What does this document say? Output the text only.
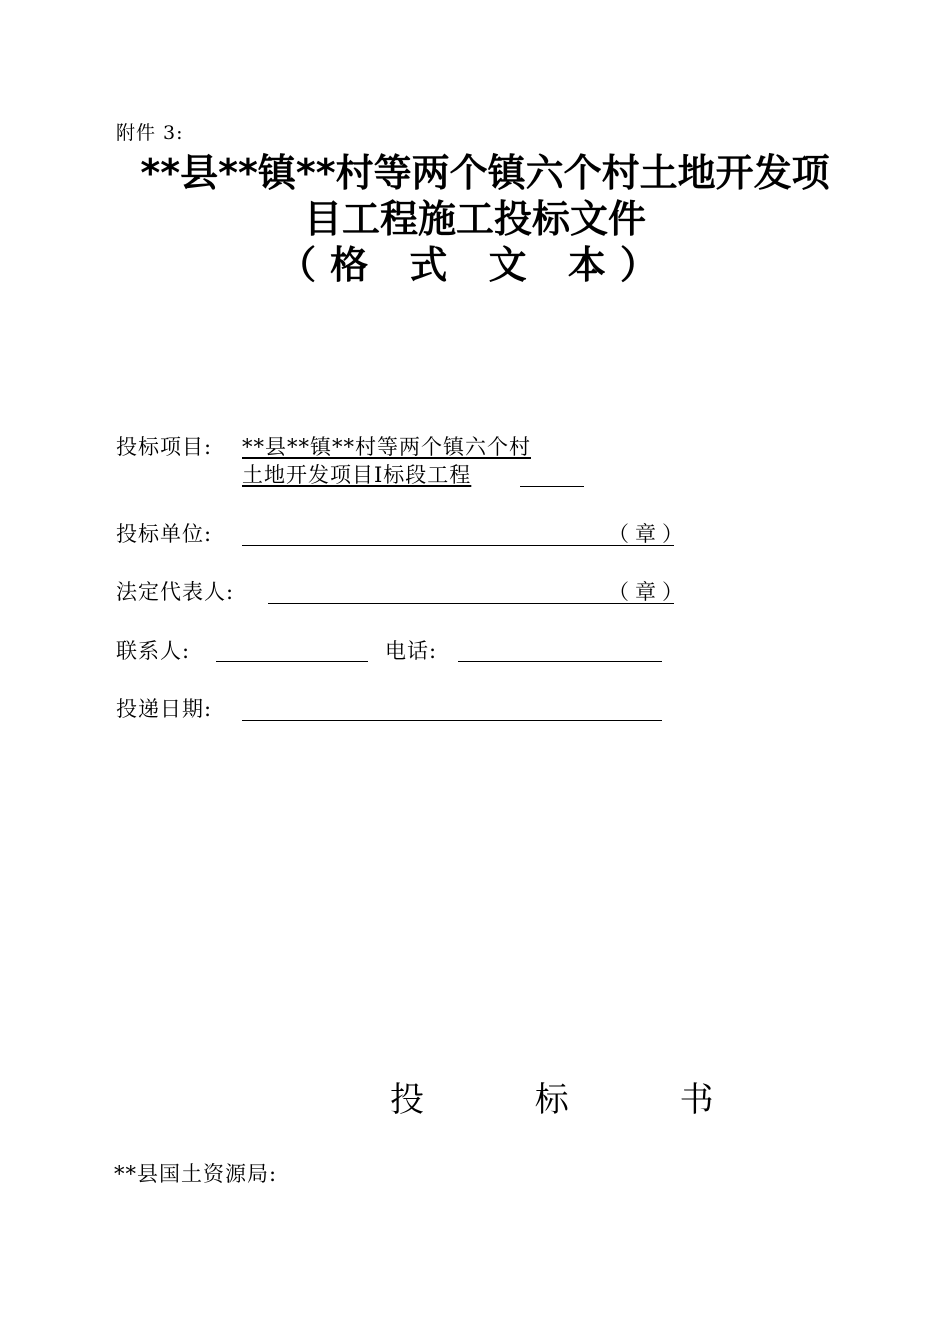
附件 3:
**县**镇**村等两个镇六个村土地开发项
目工程施工投标文件
（格 式 文 本）
投标项目: **县**镇**村等两个镇六个村
土地开发项目Ⅰ标段工程
投标单位:	（章）
法定代表人:	（章）
联系人:	电话:
投递日期:
投 标 书
**县国土资源局:
